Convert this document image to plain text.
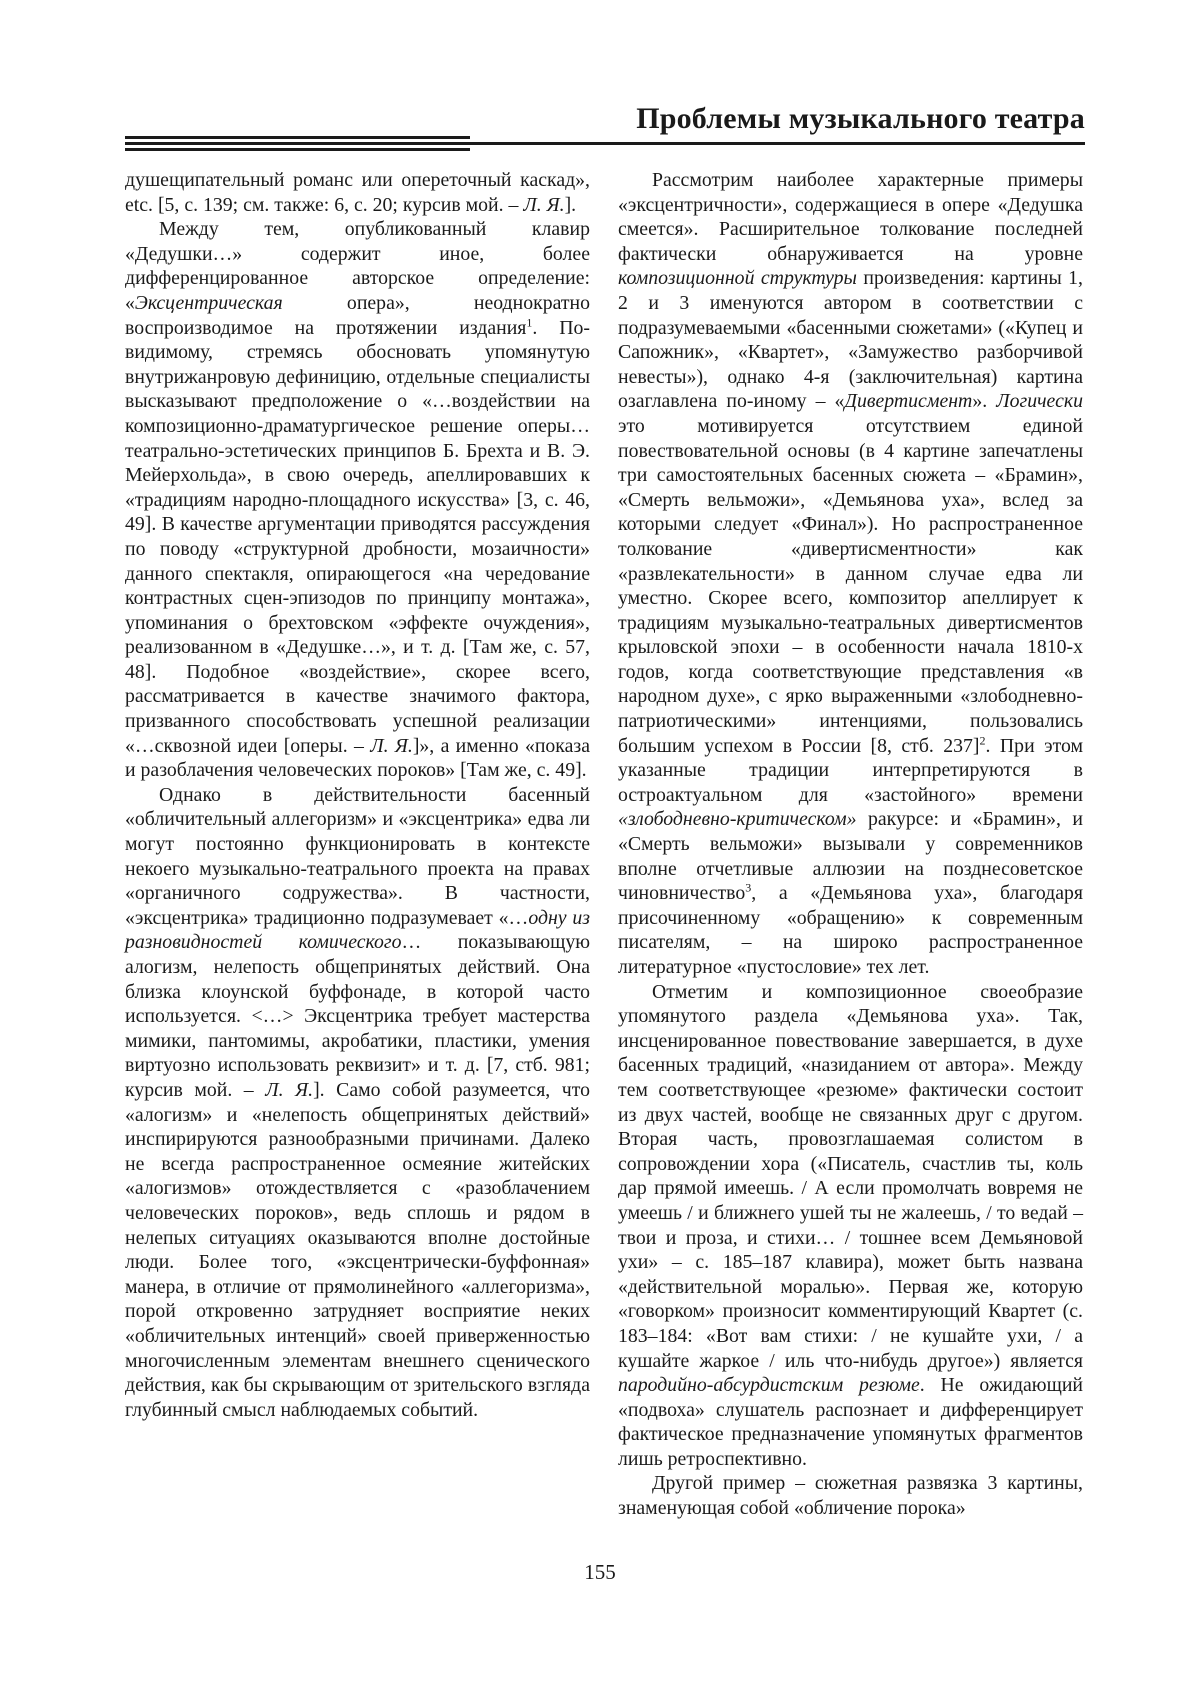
Проблемы музыкального театра

душещипательный романс или опереточный каскад», etc. [5, с. 139; см. также: 6, с. 20; курсив мой. – Л. Я.].

Между тем, опубликованный клавир «Дедушки…» содержит иное, более дифференцированное авторское определение: «Эксцентрическая опера», неоднократно воспроизводимое на протяжении издания$^1$. По-видимому, стремясь обосновать упомянутую внутрижанровую дефиницию, отдельные специалисты высказывают предположение о «…воздействии на композиционно-драматургическое решение оперы… театрально-эстетических принципов Б. Брехта и В. Э. Мейерхольда», в свою очередь, апеллировавших к «традициям народно-площадного искусства» [3, с. 46, 49]. В качестве аргументации приводятся рассуждения по поводу «структурной дробности, мозаичности» данного спектакля, опирающегося «на чередование контрастных сцен-эпизодов по принципу монтажа», упоминания о брехтовском «эффекте очуждения», реализованном в «Дедушке…», и т. д. [Там же, с. 57, 48]. Подобное «воздействие», скорее всего, рассматривается в качестве значимого фактора, призванного способствовать успешной реализации «…сквозной идеи [оперы. – Л. Я.]», а именно «показа и разоблачения человеческих пороков» [Там же, с. 49].

Однако в действительности басенный «обличительный аллегоризм» и «эксцентрика» едва ли могут постоянно функционировать в контексте некоего музыкально-театрального проекта на правах «органичного содружества». В частности, «эксцентрика» традиционно подразумевает «…одну из разновидностей комического… показывающую алогизм, нелепость общепринятых действий. Она близка клоунской буффонаде, в которой часто используется. <…> Эксцентрика требует мастерства мимики, пантомимы, акробатики, пластики, умения виртуозно использовать реквизит» и т. д. [7, стб. 981; курсив мой. – Л. Я.]. Само собой разумеется, что «алогизм» и «нелепость общепринятых действий» инспирируются разнообразными причинами. Далеко не всегда распространенное осмеяние житейских «алогизмов» отождествляется с «разоблачением человеческих пороков», ведь сплошь и рядом в нелепых ситуациях оказываются вполне достойные люди. Более того, «эксцентрически-буффонная» манера, в отличие от прямолинейного «аллегоризма», порой откровенно затрудняет восприятие неких «обличительных интенций» своей приверженностью многочисленным элементам внешнего сценического действия, как бы скрывающим от зрительского взгляда глубинный смысл наблюдаемых событий.

Рассмотрим наиболее характерные примеры «эксцентричности», содержащиеся в опере «Дедушка смеется». Расширительное толкование последней фактически обнаруживается на уровне композиционной структуры произведения: картины 1, 2 и 3 именуются автором в соответствии с подразумеваемыми «басенными сюжетами» («Купец и Сапожник», «Квартет», «Замужество разборчивой невесты»), однако 4-я (заключительная) картина озаглавлена по-иному – «Дивертисмент». Логически это мотивируется отсутствием единой повествовательной основы (в 4 картине запечатлены три самостоятельных басенных сюжета – «Брамин», «Смерть вельможи», «Демьянова уха», вслед за которыми следует «Финал»). Но распространенное толкование «дивертисментности» как «развлекательности» в данном случае едва ли уместно. Скорее всего, композитор апеллирует к традициям музыкально-театральных дивертисментов крыловской эпохи – в особенности начала 1810-х годов, когда соответствующие представления «в народном духе», с ярко выраженными «злободневно-патриотическими» интенциями, пользовались большим успехом в России [8, стб. 237]$^2$. При этом указанные традиции интерпретируются в остроактуальном для «застойного» времени «злободневно-критическом» ракурсе: и «Брамин», и «Смерть вельможи» вызывали у современников вполне отчетливые аллюзии на позднесоветское чиновничество$^3$, а «Демьянова уха», благодаря присочиненному «обращению» к современным писателям, – на широко распространенное литературное «пустословие» тех лет.

Отметим и композиционное своеобразие упомянутого раздела «Демьянова уха». Так, инсценированное повествование завершается, в духе басенных традиций, «назиданием от автора». Между тем соответствующее «резюме» фактически состоит из двух частей, вообще не связанных друг с другом. Вторая часть, провозглашаемая солистом в сопровождении хора («Писатель, счастлив ты, коль дар прямой имеешь. / А если промолчать вовремя не умеешь / и ближнего ушей ты не жалеешь, / то ведай – твои и проза, и стихи… / тошнее всем Демьяновой ухи» – с. 185–187 клавира), может быть названа «действительной моралью». Первая же, которую «говорком» произносит комментирующий Квартет (с. 183–184: «Вот вам стихи: / не кушайте ухи, / а кушайте жаркое / иль что-нибудь другое») является пародийно-абсурдистским резюме. Не ожидающий «подвоха» слушатель распознает и дифференцирует фактическое предназначение упомянутых фрагментов лишь ретроспективно.

Другой пример – сюжетная развязка 3 картины, знаменующая собой «обличение порока»

155
